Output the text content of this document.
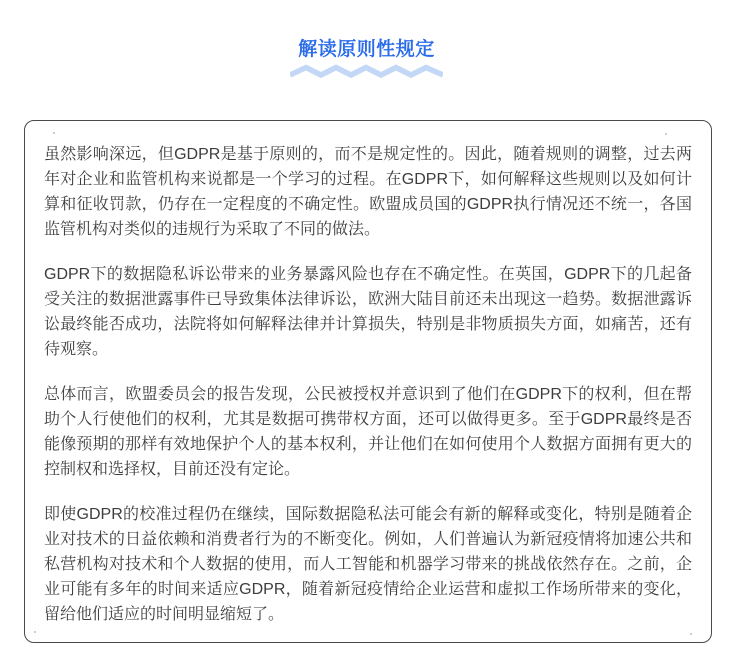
解读原则性规定

虽然影响深远，但GDPR是基于原则的，而不是规定性的。因此，随着规则的调整，过去两年对企业和监管机构来说都是一个学习的过程。在GDPR下，如何解释这些规则以及如何计算和征收罚款，仍存在一定程度的不确定性。欧盟成员国的GDPR执行情况还不统一，各国监管机构对类似的违规行为采取了不同的做法。

GDPR下的数据隐私诉讼带来的业务暴露风险也存在不确定性。在英国，GDPR下的几起备受关注的数据泄露事件已导致集体法律诉讼，欧洲大陆目前还未出现这一趋势。数据泄露诉讼最终能否成功，法院将如何解释法律并计算损失，特别是非物质损失方面，如痛苦，还有待观察。

总体而言，欧盟委员会的报告发现，公民被授权并意识到了他们在GDPR下的权利，但在帮助个人行使他们的权利，尤其是数据可携带权方面，还可以做得更多。至于GDPR最终是否能像预期的那样有效地保护个人的基本权利，并让他们在如何使用个人数据方面拥有更大的控制权和选择权，目前还没有定论。

即使GDPR的校准过程仍在继续，国际数据隐私法可能会有新的解释或变化，特别是随着企业对技术的日益依赖和消费者行为的不断变化。例如，人们普遍认为新冠疫情将加速公共和私营机构对技术和个人数据的使用，而人工智能和机器学习带来的挑战依然存在。之前，企业可能有多年的时间来适应GDPR，随着新冠疫情给企业运营和虚拟工作场所带来的变化，留给他们适应的时间明显缩短了。
